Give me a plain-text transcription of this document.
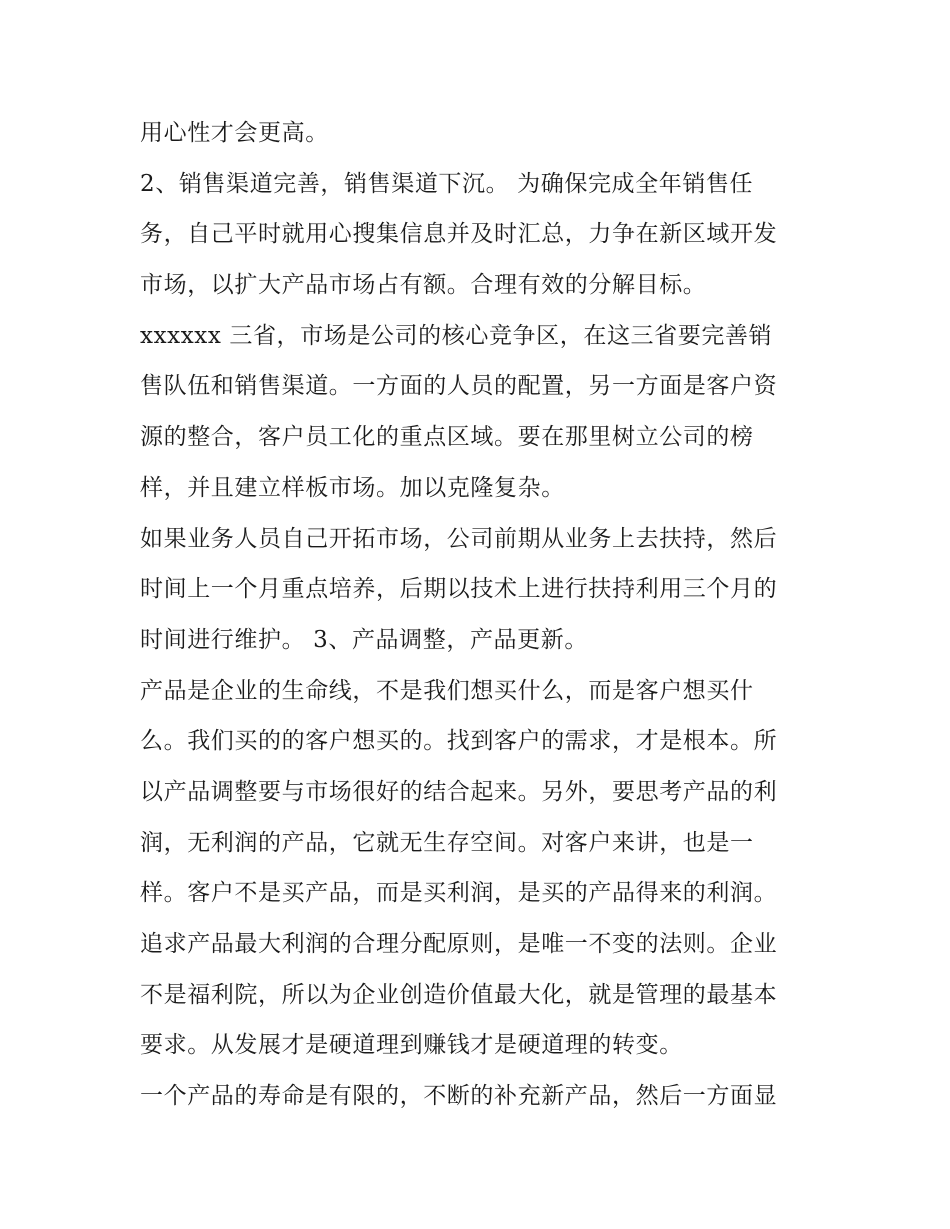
用心性才会更高。
2、销售渠道完善，销售渠道下沉。 为确保完成全年销售任
务，自己平时就用心搜集信息并及时汇总，力争在新区域开发
市场，以扩大产品市场占有额。合理有效的分解目标。
xxxxxx 三省，市场是公司的核心竞争区，在这三省要完善销
售队伍和销售渠道。一方面的人员的配置，另一方面是客户资
源的整合，客户员工化的重点区域。要在那里树立公司的榜
样，并且建立样板市场。加以克隆复杂。
如果业务人员自己开拓市场，公司前期从业务上去扶持，然后
时间上一个月重点培养，后期以技术上进行扶持利用三个月的
时间进行维护。 3、产品调整，产品更新。
产品是企业的生命线，不是我们想买什么，而是客户想买什
么。我们买的的客户想买的。找到客户的需求，才是根本。所
以产品调整要与市场很好的结合起来。另外，要思考产品的利
润，无利润的产品，它就无生存空间。对客户来讲，也是一
样。客户不是买产品，而是买利润，是买的产品得来的利润。
追求产品最大利润的合理分配原则，是唯一不变的法则。企业
不是福利院，所以为企业创造价值最大化，就是管理的最基本
要求。从发展才是硬道理到赚钱才是硬道理的转变。
一个产品的寿命是有限的，不断的补充新产品，然后一方面显
